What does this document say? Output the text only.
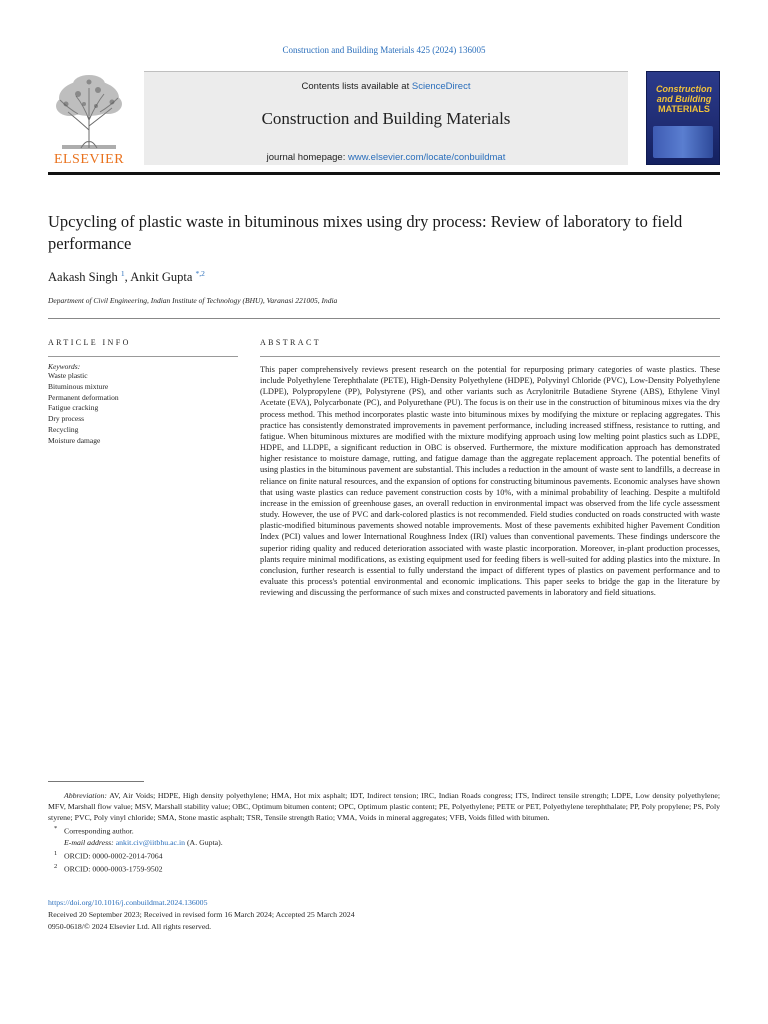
Construction and Building Materials 425 (2024) 136005
ELSEVIER
Contents lists available at ScienceDirect
Construction and Building Materials
journal homepage: www.elsevier.com/locate/conbuildmat
Construction
and Building
MATERIALS
Upcycling of plastic waste in bituminous mixes using dry process: Review of laboratory to field performance
Aakash Singh $^1$, Ankit Gupta $^{*,2}$
Department of Civil Engineering, Indian Institute of Technology (BHU), Varanasi 221005, India
ARTICLE INFO
Keywords:
Waste plastic
Bituminous mixture
Permanent deformation
Fatigue cracking
Dry process
Recycling
Moisture damage
ABSTRACT

This paper comprehensively reviews present research on the potential for repurposing primary categories of waste plastics. These include Polyethylene Terephthalate (PETE), High-Density Polyethylene (HDPE), Polyvinyl Chloride (PVC), Low-Density Polyethylene (LDPE), Polypropylene (PP), Polystyrene (PS), and other variants such as Acrylonitrile Butadiene Styrene (ABS), Ethylene Vinyl Acetate (EVA), Polycarbonate (PC), and Polyurethane (PU). The focus is on their use in the construction of bituminous mixes via the dry process method. This method incorporates plastic waste into bituminous mixes by modifying the mixture or replacing aggregates. This practice has consistently demonstrated improvements in pavement performance, including increased stiffness, resistance to rutting, and fatigue. When bituminous mixtures are modified with the mixture modifying approach using low melting point plastics such as LDPE, HDPE, and LLDPE, a significant reduction in OBC is observed. Furthermore, the mixture modification approach has demonstrated higher resistance to moisture damage, rutting, and fatigue damage than the aggregate replacement approach. The potential benefits of using plastics in the bituminous pavement are substantial. This includes a reduction in the amount of waste sent to landfills, a decrease in reliance on finite natural resources, and the expansion of options for constructing bituminous pavements. Economic analyses have shown that using waste plastics can reduce pavement construction costs by 10%, with a minimal probability of leaching. Despite a multifold increase in the emission of greenhouse gases, an overall reduction in environmental impact was observed from the life cycle assessment study. However, the use of PVC and dark-colored plastics is not recommended. Field studies conducted on roads constructed with waste plastic-modified bituminous pavements showed notable improvements. Most of these pavements exhibited higher Pavement Condition Index (PCI) values and lower International Roughness Index (IRI) values than conventional pavements. These findings underscore the superior riding quality and reduced deterioration associated with waste plastic incorporation. Moreover, in-plant production processes, plants require minimal modifications, as existing equipment used for feeding fibers is well-suited for adding plastics into the mixture. In conclusion, further research is essential to fully understand the impact of different types of plastics on pavement performance and to evaluate this process's potential environmental and economic implications. This paper seeks to bridge the gap in the literature by reviewing and discussing the performance of such mixes and constructed pavements in laboratory and field situations.

Abbreviation: AV, Air Voids; HDPE, High density polyethylene; HMA, Hot mix asphalt; IDT, Indirect tension; IRC, Indian Roads congress; ITS, Indirect tensile strength; LDPE, Low density polyethylene; MFV, Marshall flow value; MSV, Marshall stability value; OBC, Optimum bitumen content; OPC, Optimum plastic content; PE, Polyethylene; PETE or PET, Polyethylene terephthalate; PP, Poly propylene; PS, Poly styrene; PVC, Poly vinyl chloride; SMA, Stone mastic asphalt; TSR, Tensile strength Ratio; VMA, Voids in mineral aggregates; VFB, Voids filled with bitumen.
* Corresponding author.
E-mail address: ankit.civ@iitbhu.ac.in (A. Gupta).
1 ORCID: 0000-0002-2014-7064
2 ORCID: 0000-0003-1759-9502
https://doi.org/10.1016/j.conbuildmat.2024.136005
Received 20 September 2023; Received in revised form 16 March 2024; Accepted 25 March 2024
0950-0618/© 2024 Elsevier Ltd. All rights reserved.
